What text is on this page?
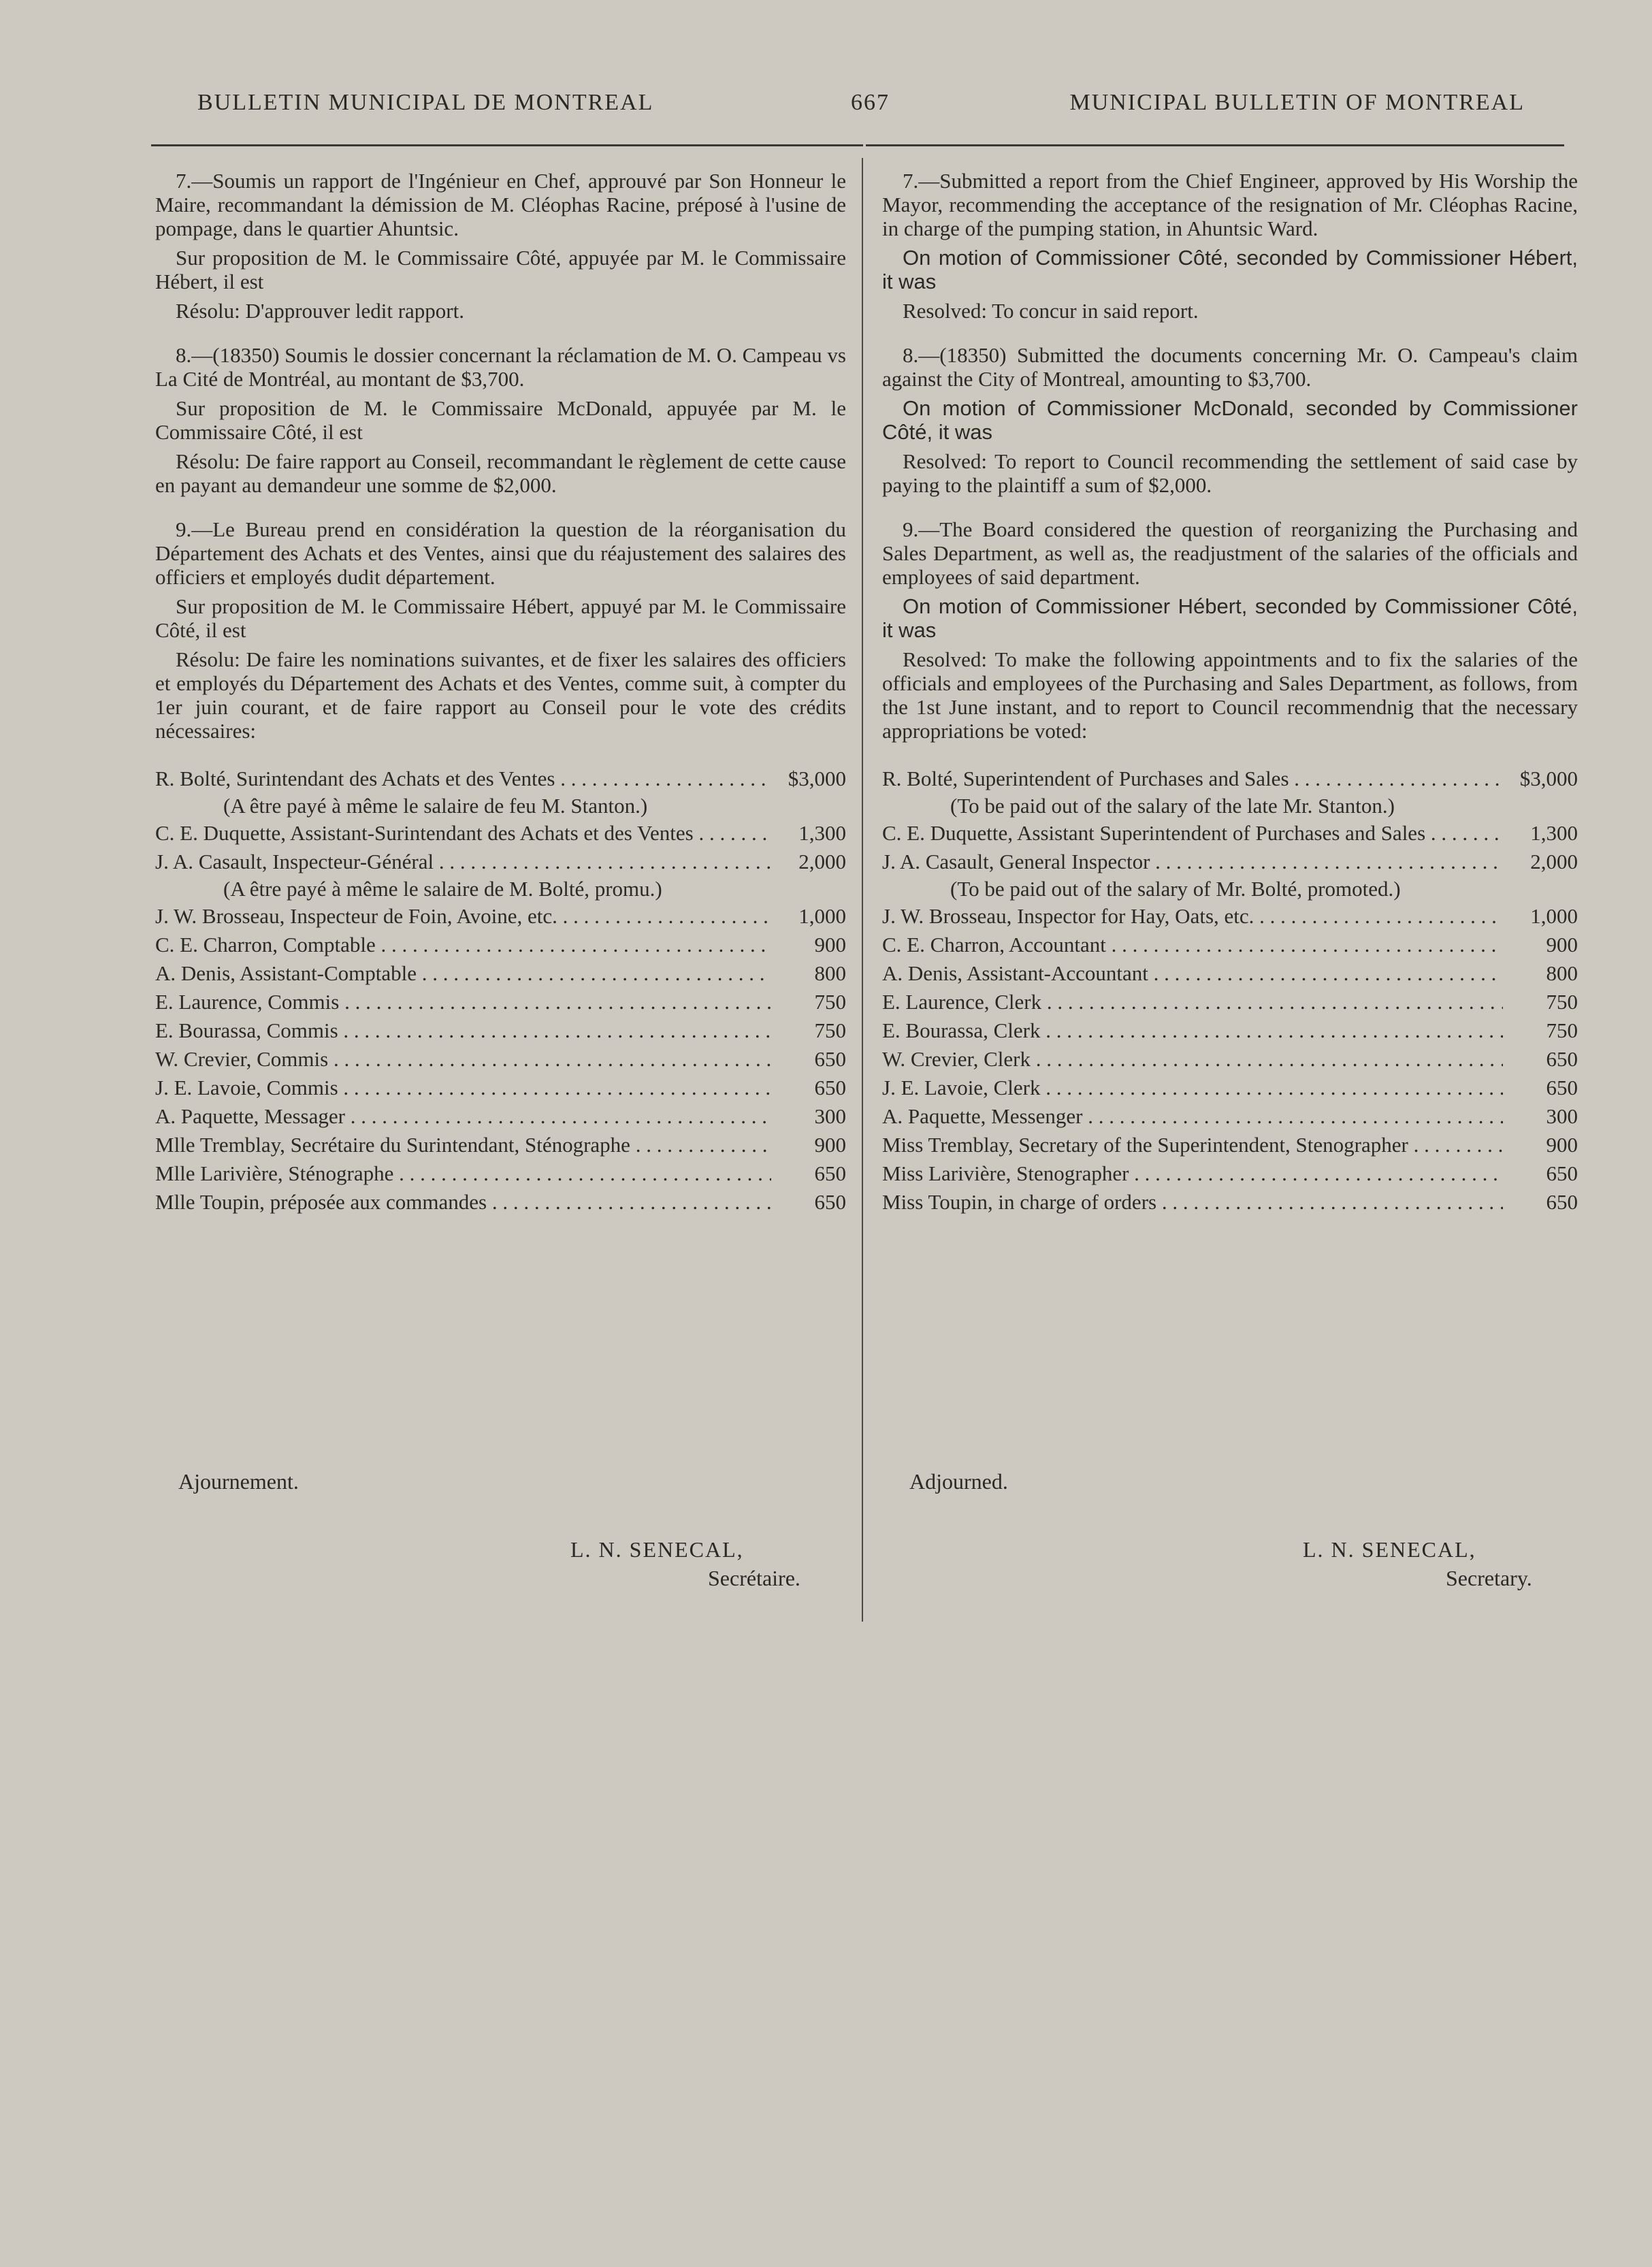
BULLETIN MUNICIPAL DE MONTREAL	667	MUNICIPAL BULLETIN OF MONTREAL

7.—Soumis un rapport de l'Ingénieur en Chef, approuvé par Son Honneur le Maire, recommandant la démission de M. Cléophas Racine, préposé à l'usine de pompage, dans le quartier Ahuntsic.

Sur proposition de M. le Commissaire Côté, appuyée par M. le Commissaire Hébert, il est

Résolu: D'approuver ledit rapport.

8.—(18350) Soumis le dossier concernant la réclamation de M. O. Campeau vs La Cité de Montréal, au montant de $3,700.

Sur proposition de M. le Commissaire McDonald, appuyée par M. le Commissaire Côté, il est

Résolu: De faire rapport au Conseil, recommandant le règlement de cette cause en payant au demandeur une somme de $2,000.

9.—Le Bureau prend en considération la question de la réorganisation du Département des Achats et des Ventes, ainsi que du réajustement des salaires des officiers et employés dudit département.

Sur proposition de M. le Commissaire Hébert, appuyé par M. le Commissaire Côté, il est

Résolu: De faire les nominations suivantes, et de fixer les salaires des officiers et employés du Département des Achats et des Ventes, comme suit, à compter du 1er juin courant, et de faire rapport au Conseil pour le vote des crédits nécessaires:

R. Bolté, Surintendant des Achats et des Ventes . . .	$3,000
(A être payé à même le salaire de feu M. Stanton.)
C. E. Duquette, Assistant-Surintendant des Achats et des Ventes . . .	1,300
J. A. Casault, Inspecteur-Général . . .	2,000
(A être payé à même le salaire de M. Bolté, promu.)
J. W. Brosseau, Inspecteur de Foin, Avoine, etc. . . .	1,000
C. E. Charron, Comptable . . .	900
A. Denis, Assistant-Comptable . . .	800
E. Laurence, Commis . . .	750
E. Bourassa, Commis . . .	750
W. Crevier, Commis . . .	650
J. E. Lavoie, Commis . . .	650
A. Paquette, Messager . . .	300
Mlle Tremblay, Secrétaire du Surintendant, Sténographe . . .	900
Mlle Larivière, Sténographe . . .	650
Mlle Toupin, préposée aux commandes . . .	650

7.—Submitted a report from the Chief Engineer, approved by His Worship the Mayor, recommending the acceptance of the resignation of Mr. Cléophas Racine, in charge of the pumping station, in Ahuntsic Ward.

On motion of Commissioner Côté, seconded by Commissioner Hébert, it was

Resolved: To concur in said report.

8.—(18350) Submitted the documents concerning Mr. O. Campeau's claim against the City of Montreal, amounting to $3,700.

On motion of Commissioner McDonald, seconded by Commissioner Côté, it was

Resolved: To report to Council recommending the settlement of said case by paying to the plaintiff a sum of $2,000.

9.—The Board considered the question of reorganizing the Purchasing and Sales Department, as well as, the readjustment of the salaries of the officials and employees of said department.

On motion of Commissioner Hébert, seconded by Commissioner Côté, it was

Resolved: To make the following appointments and to fix the salaries of the officials and employees of the Purchasing and Sales Department, as follows, from the 1st June instant, and to report to Council recommendnig that the necessary appropriations be voted:

R. Bolté, Superintendent of Purchases and Sales . . .	$3,000
(To be paid out of the salary of the late Mr. Stanton.)
C. E. Duquette, Assistant Superintendent of Purchases and Sales . . .	1,300
J. A. Casault, General Inspector . . .	2,000
(To be paid out of the salary of Mr. Bolté, promoted.)
J. W. Brosseau, Inspector for Hay, Oats, etc. . . .	1,000
C. E. Charron, Accountant . . .	900
A. Denis, Assistant-Accountant . . .	800
E. Laurence, Clerk . . .	750
E. Bourassa, Clerk . . .	750
W. Crevier, Clerk . . .	650
J. E. Lavoie, Clerk . . .	650
A. Paquette, Messenger . . .	300
Miss Tremblay, Secretary of the Superintendent, Stenographer . . .	900
Miss Larivière, Stenographer . . .	650
Miss Toupin, in charge of orders . . .	650
Ajournement.	Adjourned.
L. N. SENECAL,
Secrétaire.
L. N. SENECAL,
Secretary.
